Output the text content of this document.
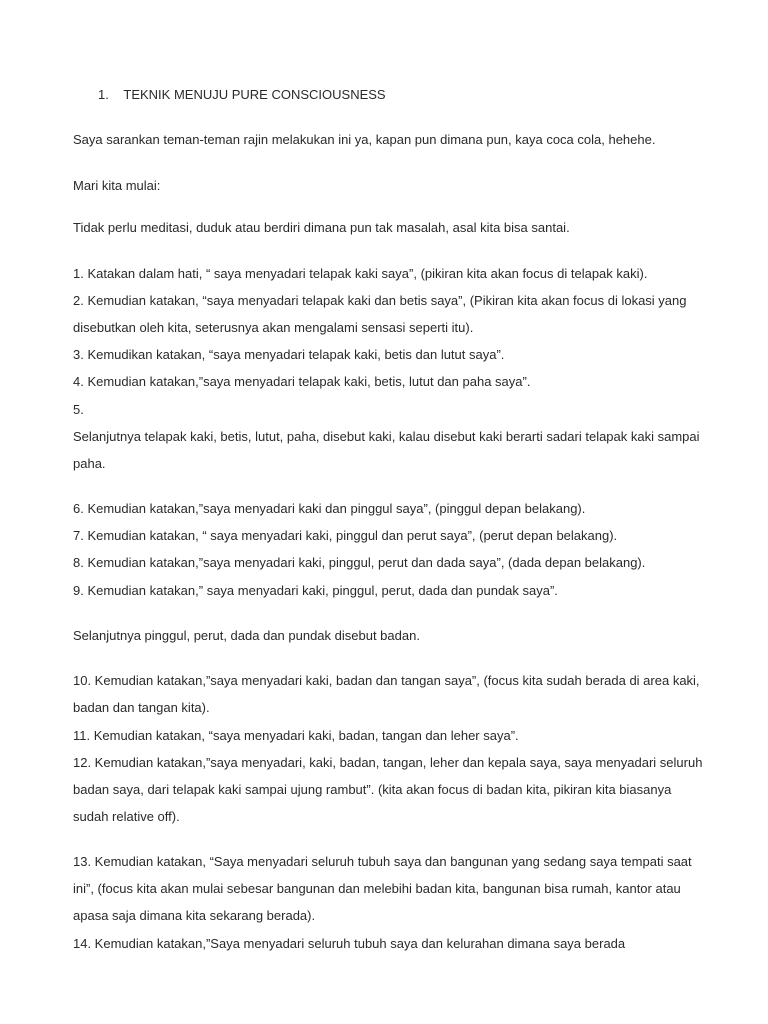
1. TEKNIK MENUJU PURE CONSCIOUSNESS
Saya sarankan teman-teman rajin melakukan ini ya, kapan pun dimana pun, kaya coca cola, hehehe.
Mari kita mulai:
Tidak perlu meditasi, duduk atau berdiri dimana pun tak masalah, asal kita bisa santai.
1. Katakan dalam hati, “ saya menyadari telapak kaki saya”, (pikiran kita akan focus di telapak kaki).
2. Kemudian katakan, “saya menyadari telapak kaki dan betis saya”, (Pikiran kita akan focus di lokasi yang disebutkan oleh kita, seterusnya akan mengalami sensasi seperti itu).
3. Kemudikan katakan, “saya menyadari telapak kaki, betis dan lutut saya”.
4. Kemudian katakan,”saya menyadari telapak kaki, betis, lutut dan paha saya”.
5.
Selanjutnya telapak kaki, betis, lutut, paha, disebut kaki, kalau disebut kaki berarti sadari telapak kaki sampai paha.
6. Kemudian katakan,”saya menyadari kaki dan pinggul saya”, (pinggul depan belakang).
7. Kemudian katakan, “ saya menyadari kaki, pinggul dan perut saya”, (perut depan belakang).
8. Kemudian katakan,”saya menyadari kaki, pinggul, perut dan dada saya”, (dada depan belakang).
9. Kemudian katakan,” saya menyadari kaki, pinggul, perut, dada dan pundak saya”.
Selanjutnya pinggul, perut, dada dan pundak disebut badan.
10. Kemudian katakan,”saya menyadari kaki, badan dan tangan saya”, (focus kita sudah berada di area kaki, badan dan tangan kita).
11. Kemudian katakan, “saya menyadari kaki, badan, tangan dan leher saya”.
12. Kemudian katakan,”saya menyadari, kaki, badan, tangan, leher dan kepala saya, saya menyadari seluruh badan saya, dari telapak kaki sampai ujung rambut”. (kita akan focus di badan kita, pikiran kita biasanya sudah relative off).
13. Kemudian katakan, “Saya menyadari seluruh tubuh saya dan bangunan yang sedang saya tempati saat ini”, (focus kita akan mulai sebesar bangunan dan melebihi badan kita, bangunan bisa rumah, kantor atau apasa saja dimana kita sekarang berada).
14. Kemudian katakan,”Saya menyadari seluruh tubuh saya dan kelurahan dimana saya berada
